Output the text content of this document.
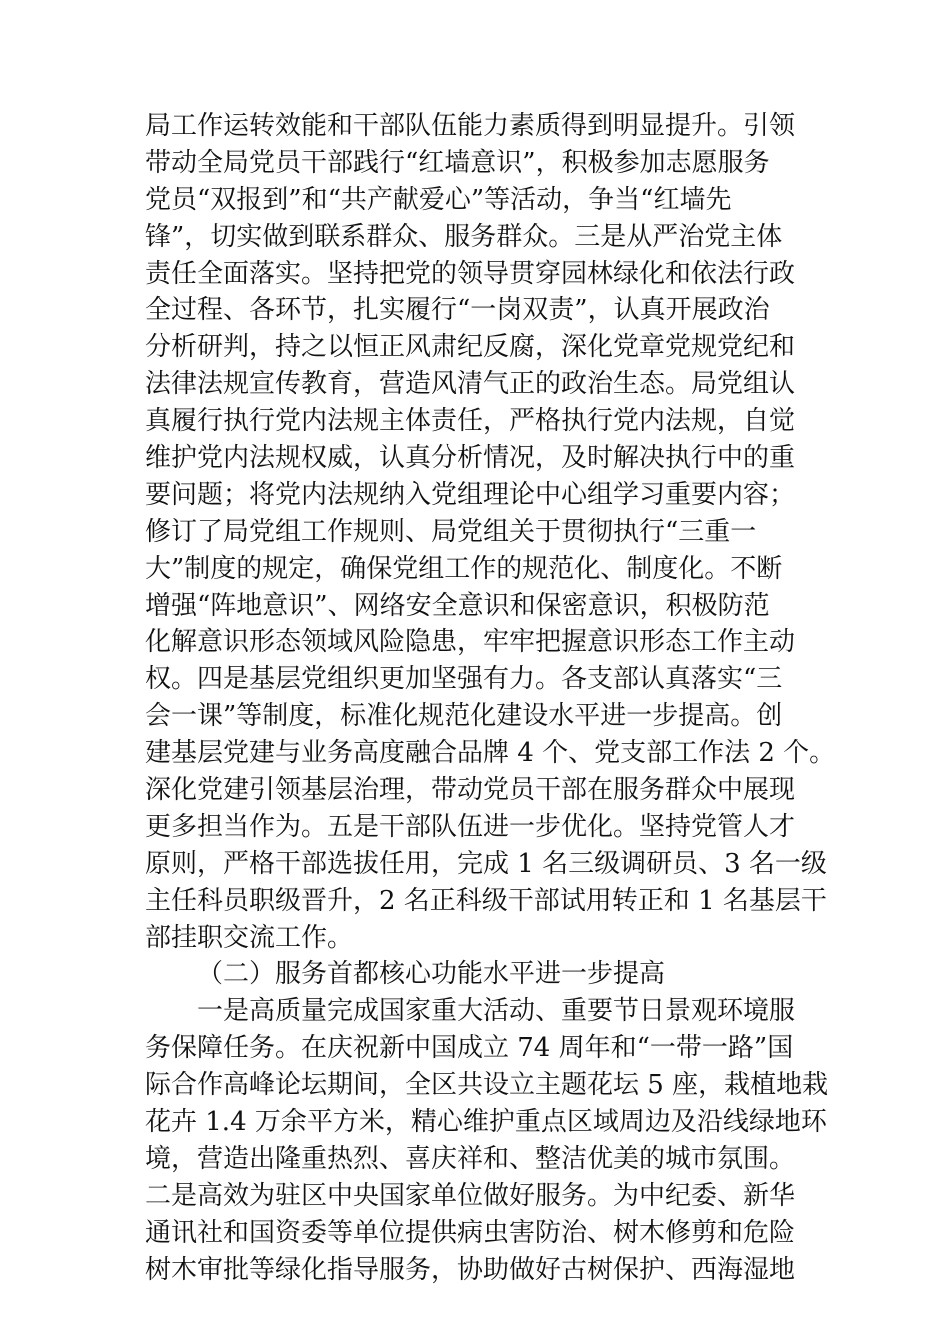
局工作运转效能和干部队伍能力素质得到明显提升。引领
带动全局党员干部践行“红墙意识”，积极参加志愿服务
党员“双报到”和“共产献爱心”等活动，争当“红墙先
锋”，切实做到联系群众、服务群众。三是从严治党主体
责任全面落实。坚持把党的领导贯穿园林绿化和依法行政
全过程、各环节，扎实履行“一岗双责”，认真开展政治
分析研判，持之以恒正风肃纪反腐，深化党章党规党纪和
法律法规宣传教育，营造风清气正的政治生态。局党组认
真履行执行党内法规主体责任，严格执行党内法规，自觉
维护党内法规权威，认真分析情况，及时解决执行中的重
要问题；将党内法规纳入党组理论中心组学习重要内容；
修订了局党组工作规则、局党组关于贯彻执行“三重一
大”制度的规定，确保党组工作的规范化、制度化。不断
增强“阵地意识”、网络安全意识和保密意识，积极防范
化解意识形态领域风险隐患，牢牢把握意识形态工作主动
权。四是基层党组织更加坚强有力。各支部认真落实“三
会一课”等制度，标准化规范化建设水平进一步提高。创
建基层党建与业务高度融合品牌 4 个、党支部工作法 2 个。
深化党建引领基层治理，带动党员干部在服务群众中展现
更多担当作为。五是干部队伍进一步优化。坚持党管人才
原则，严格干部选拔任用，完成 1 名三级调研员、3 名一级
主任科员职级晋升，2 名正科级干部试用转正和 1 名基层干
部挂职交流工作。
（二）服务首都核心功能水平进一步提高
一是高质量完成国家重大活动、重要节日景观环境服
务保障任务。在庆祝新中国成立 74 周年和“一带一路”国
际合作高峰论坛期间，全区共设立主题花坛 5 座，栽植地栽
花卉 1.4 万余平方米，精心维护重点区域周边及沿线绿地环
境，营造出隆重热烈、喜庆祥和、整洁优美的城市氛围。
二是高效为驻区中央国家单位做好服务。为中纪委、新华
通讯社和国资委等单位提供病虫害防治、树木修剪和危险
树木审批等绿化指导服务，协助做好古树保护、西海湿地
